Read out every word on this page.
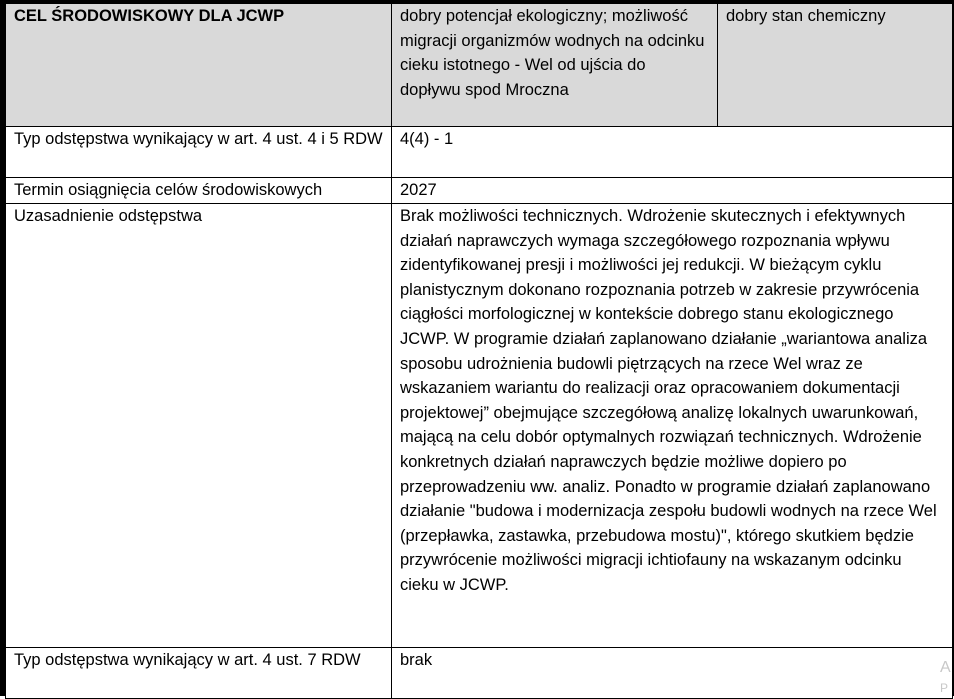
CEL ŚRODOWISKOWY DLA JCWP	dobry potencjał ekologiczny; możliwość migracji organizmów wodnych na odcinku cieku istotnego - Wel od ujścia do dopływu spod Mroczna	dobry stan chemiczny
Typ odstępstwa wynikający w art. 4 ust. 4 i 5 RDW	4(4) - 1	
Termin osiągnięcia celów środowiskowych	2027	
Uzasadnienie odstępstwa	Brak możliwości technicznych. Wdrożenie skutecznych i efektywnych działań naprawczych wymaga szczegółowego rozpoznania wpływu zidentyfikowanej presji i możliwości jej redukcji. W bieżącym cyklu planistycznym dokonano rozpoznania potrzeb w zakresie przywrócenia ciągłości morfologicznej w kontekście dobrego stanu ekologicznego JCWP. W programie działań zaplanowano działanie „wariantowa analiza sposobu udrożnienia budowli piętrzących na rzece Wel wraz ze wskazaniem wariantu do realizacji oraz opracowaniem dokumentacji projektowej” obejmujące szczegółową analizę lokalnych uwarunkowań, mającą na celu dobór optymalnych rozwiązań technicznych. Wdrożenie konkretnych działań naprawczych będzie możliwe dopiero po przeprowadzeniu ww. analiz. Ponadto w programie działań zaplanowano działanie "budowa i modernizacja zespołu budowli wodnych na rzece Wel (przepławka, zastawka, przebudowa mostu)", którego skutkiem będzie przywrócenie możliwości migracji ichtiofauny na wskazanym odcinku cieku w JCWP.	
Typ odstępstwa wynikający w art. 4 ust. 7 RDW	brak		A
P
